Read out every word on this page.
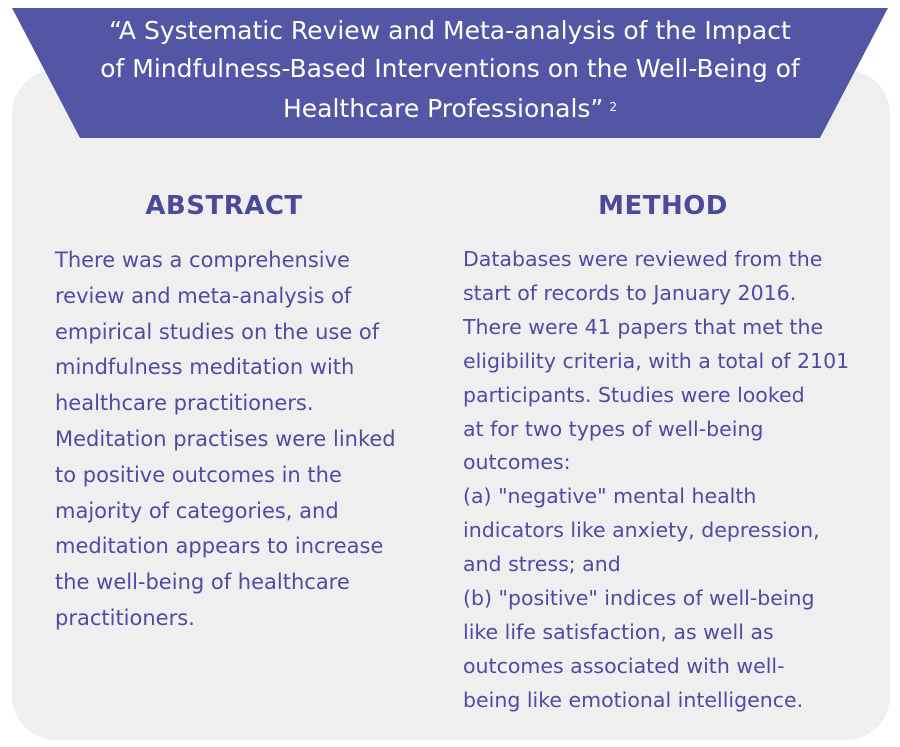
“A Systematic Review and Meta-analysis of the Impact of Mindfulness-Based Interventions on the Well-Being of Healthcare Professionals” $^2$
ABSTRACT	METHOD

There was a comprehensive review and meta-analysis of empirical studies on the use of mindfulness meditation with healthcare practitioners. Meditation practises were linked to positive outcomes in the majority of categories, and meditation appears to increase the well-being of healthcare practitioners.

Databases were reviewed from the
start of records to January 2016.
There were 41 papers that met the
eligibility criteria, with a total of 2101
participants. Studies were looked
at for two types of well-being
outcomes:
(a) "negative" mental health
indicators like anxiety, depression,
and stress; and
(b) "positive" indices of well-being
like life satisfaction, as well as
outcomes associated with well-
being like emotional intelligence.
